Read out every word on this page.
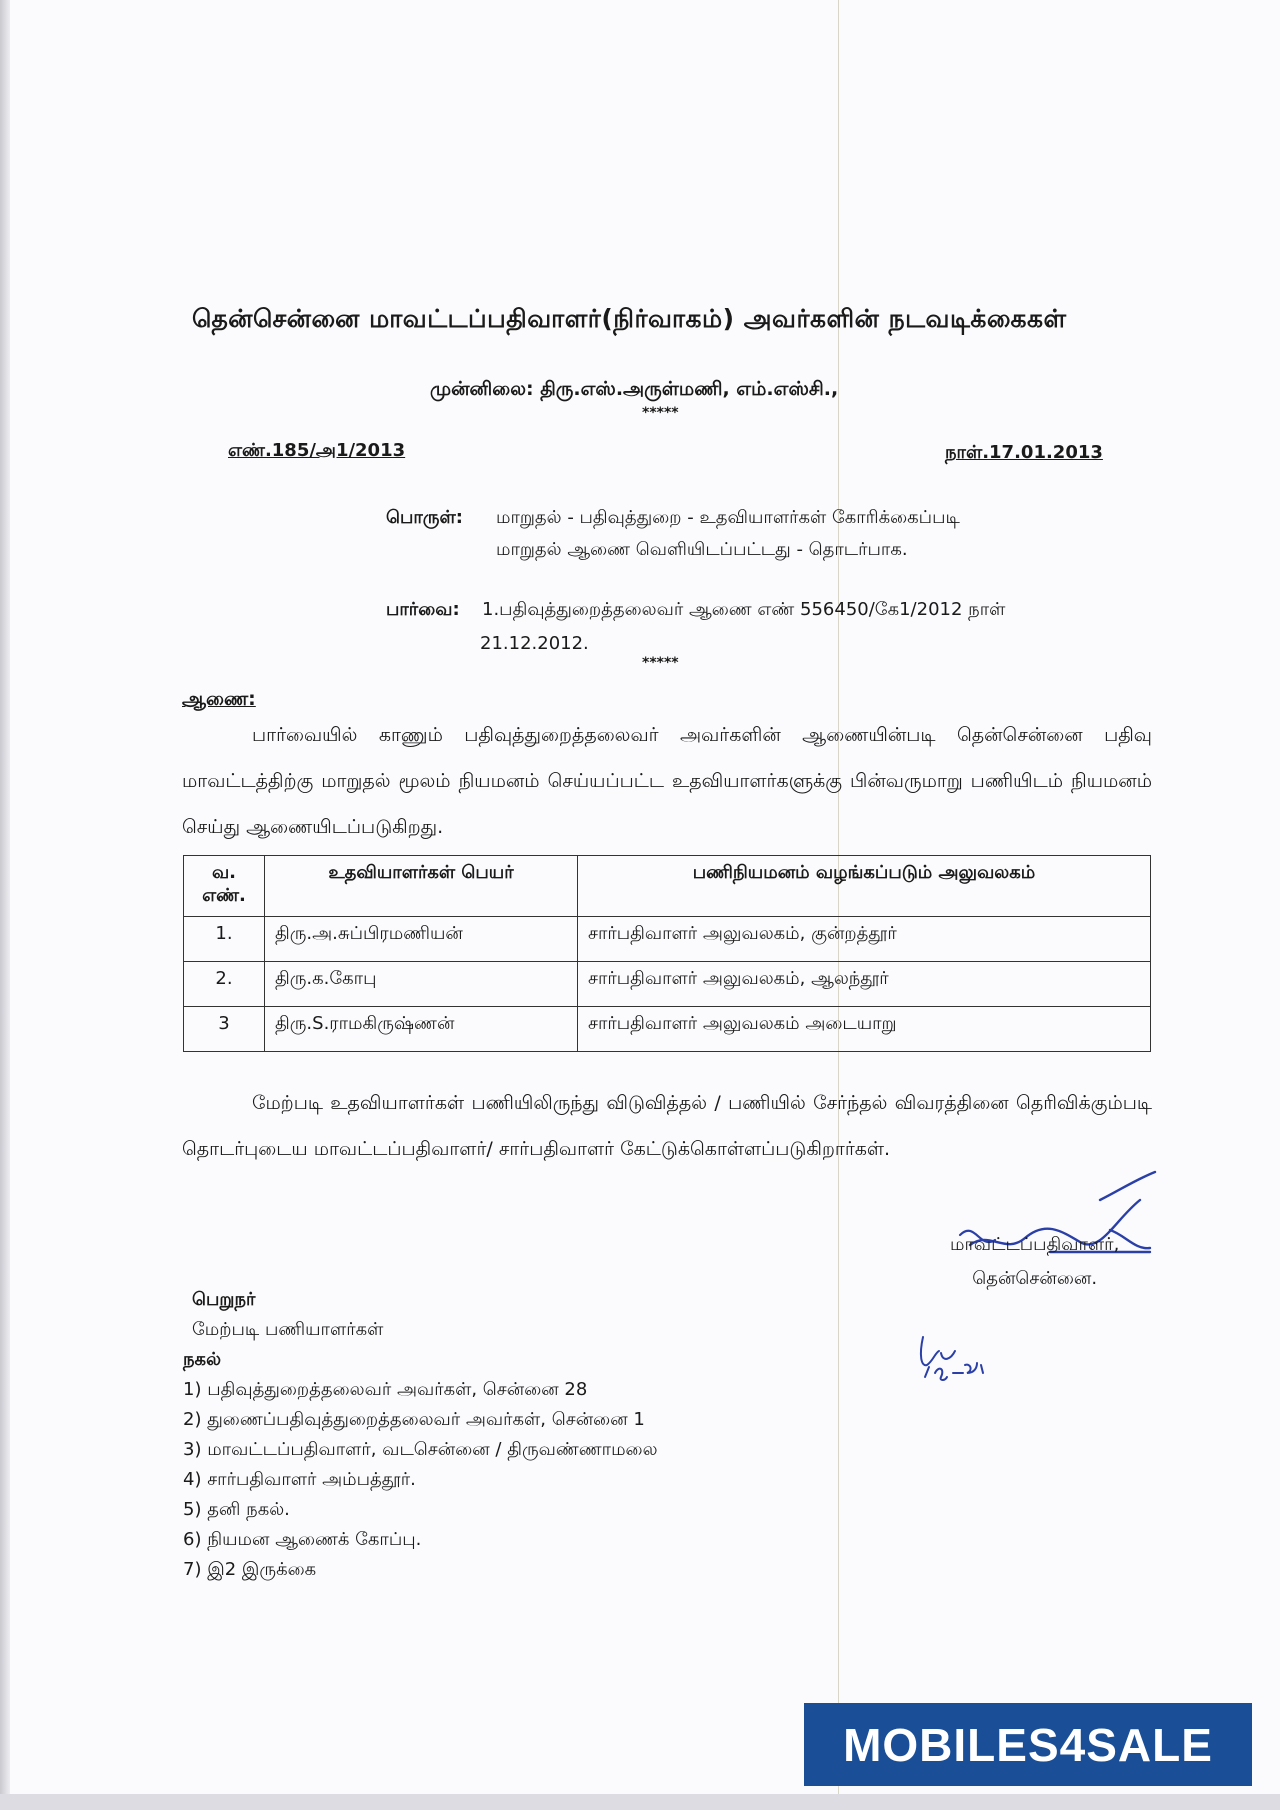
தென்சென்னை மாவட்டப்பதிவாளர்(நிர்வாகம்) அவர்களின் நடவடிக்கைகள்
முன்னிலை: திரு.எஸ்.அருள்மணி, எம்.எஸ்சி.,
*****
எண்.185/அ1/2013	நாள்.17.01.2013
பொருள்: மாறுதல் - பதிவுத்துறை - உதவியாளர்கள் கோரிக்கைப்படி
மாறுதல் ஆணை வெளியிடப்பட்டது - தொடர்பாக.
பார்வை: 1.பதிவுத்துறைத்தலைவர் ஆணை எண் 556450/கே1/2012 நாள்
21.12.2012.
*****
ஆணை:
பார்வையில் காணும் பதிவுத்துறைத்தலைவர் அவர்களின் ஆணையின்படி தென்சென்னை பதிவு மாவட்டத்திற்கு மாறுதல் மூலம் நியமனம் செய்யப்பட்ட உதவியாளர்களுக்கு பின்வருமாறு பணியிடம் நியமனம் செய்து ஆணையிடப்படுகிறது.
வ. எண்.	உதவியாளர்கள் பெயர்	பணிநியமனம் வழங்கப்படும் அலுவலகம்
1.	திரு.அ.சுப்பிரமணியன்	சார்பதிவாளர் அலுவலகம், குன்றத்தூர்
2.	திரு.க.கோபு	சார்பதிவாளர் அலுவலகம், ஆலந்தூர்
3	திரு.S.ராமகிருஷ்ணன்	சார்பதிவாளர் அலுவலகம் அடையாறு
மேற்படி உதவியாளர்கள் பணியிலிருந்து விடுவித்தல் / பணியில் சேர்ந்தல் விவரத்தினை தெரிவிக்கும்படி தொடர்புடைய மாவட்டப்பதிவாளர்/ சார்பதிவாளர் கேட்டுக்கொள்ளப்படுகிறார்கள்.
மாவட்டப்பதிவாளர்,
தென்சென்னை.
பெறுநர்
மேற்படி பணியாளர்கள்
நகல்
1) பதிவுத்துறைத்தலைவர் அவர்கள், சென்னை 28
2) துணைப்பதிவுத்துறைத்தலைவர் அவர்கள், சென்னை 1
3) மாவட்டப்பதிவாளர், வடசென்னை / திருவண்ணாமலை
4) சார்பதிவாளர் அம்பத்தூர்.
5) தனி நகல்.
6) நியமன ஆணைக் கோப்பு.
7) இ2 இருக்கை
MOBILES4SALE
